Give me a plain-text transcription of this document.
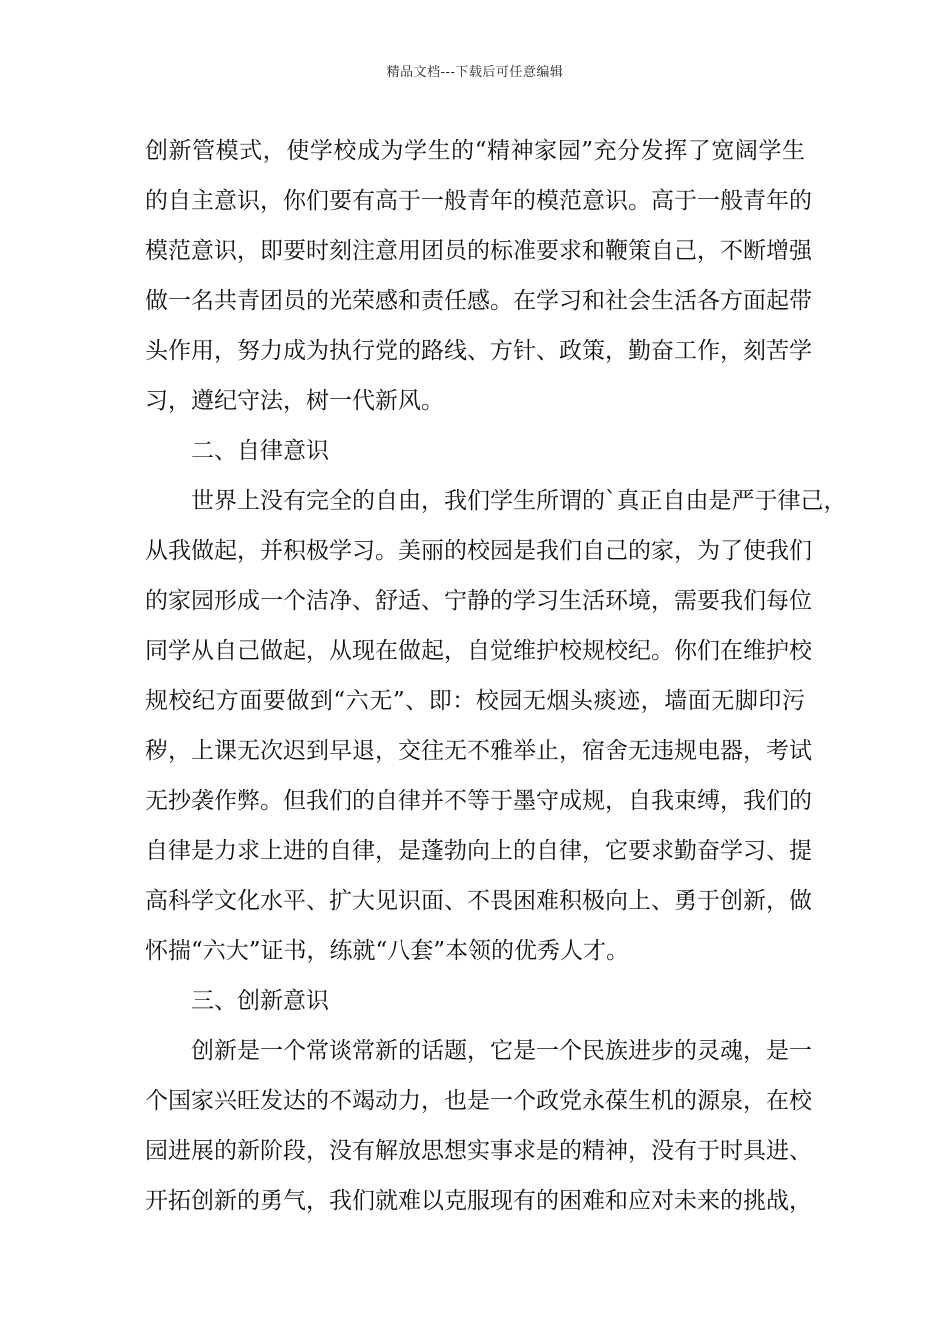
精品文档---下载后可任意编辑
创新管模式，使学校成为学生的“精神家园”充分发挥了宽阔学生
的自主意识，你们要有高于一般青年的模范意识。高于一般青年的
模范意识，即要时刻注意用团员的标准要求和鞭策自己，不断增强
做一名共青团员的光荣感和责任感。在学习和社会生活各方面起带
头作用，努力成为执行党的路线、方针、政策，勤奋工作，刻苦学
习，遵纪守法，树一代新风。
二、自律意识
世界上没有完全的自由，我们学生所谓的`真正自由是严于律己，
从我做起，并积极学习。美丽的校园是我们自己的家，为了使我们
的家园形成一个洁净、舒适、宁静的学习生活环境，需要我们每位
同学从自己做起，从现在做起，自觉维护校规校纪。你们在维护校
规校纪方面要做到“六无”、即：校园无烟头痰迹，墙面无脚印污
秽，上课无次迟到早退，交往无不雅举止，宿舍无违规电器，考试
无抄袭作弊。但我们的自律并不等于墨守成规，自我束缚，我们的
自律是力求上进的自律，是蓬勃向上的自律，它要求勤奋学习、提
高科学文化水平、扩大见识面、不畏困难积极向上、勇于创新，做
怀揣“六大”证书，练就“八套”本领的优秀人才。
三、创新意识
创新是一个常谈常新的话题，它是一个民族进步的灵魂，是一
个国家兴旺发达的不竭动力，也是一个政党永葆生机的源泉，在校
园进展的新阶段，没有解放思想实事求是的精神，没有于时具进、
开拓创新的勇气，我们就难以克服现有的困难和应对未来的挑战，
